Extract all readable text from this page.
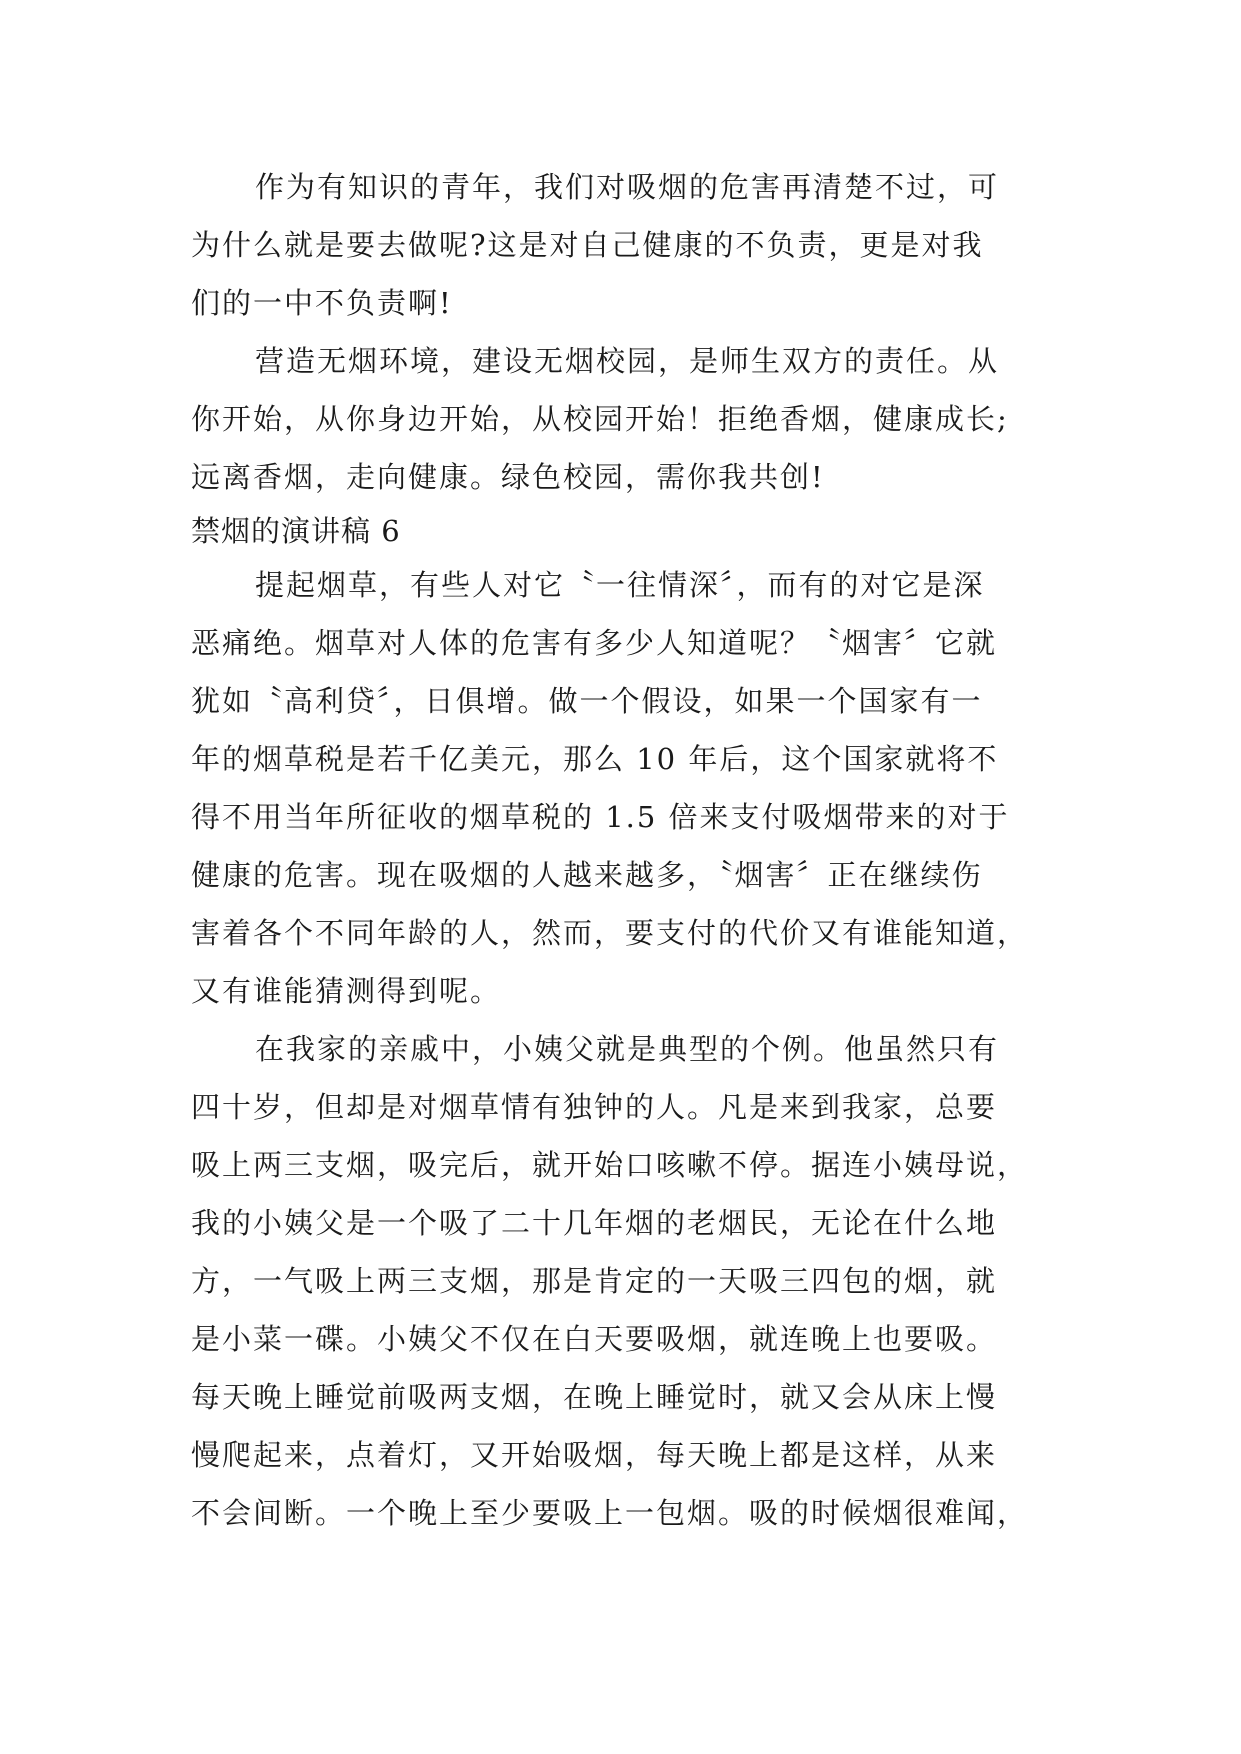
作为有知识的青年，我们对吸烟的危害再清楚不过，可
为什么就是要去做呢?这是对自己健康的不负责，更是对我
们的一中不负责啊!
营造无烟环境，建设无烟校园，是师生双方的责任。从
你开始，从你身边开始，从校园开始！拒绝香烟，健康成长;
远离香烟，走向健康。绿色校园，需你我共创!
禁烟的演讲稿 6
提起烟草，有些人对它〝一往情深〞，而有的对它是深
恶痛绝。烟草对人体的危害有多少人知道呢？〝烟害〞它就
犹如〝高利贷〞，日俱增。做一个假设，如果一个国家有一
年的烟草税是若千亿美元，那么 10 年后，这个国家就将不
得不用当年所征收的烟草税的 1.5 倍来支付吸烟带来的对于
健康的危害。现在吸烟的人越来越多，〝烟害〞正在继续伤
害着各个不同年龄的人，然而，要支付的代价又有谁能知道，
又有谁能猜测得到呢。
在我家的亲戚中，小姨父就是典型的个例。他虽然只有
四十岁，但却是对烟草情有独钟的人。凡是来到我家，总要
吸上两三支烟，吸完后，就开始口咳嗽不停。据连小姨母说，
我的小姨父是一个吸了二十几年烟的老烟民，无论在什么地
方，一气吸上两三支烟，那是肯定的一天吸三四包的烟，就
是小菜一碟。小姨父不仅在白天要吸烟，就连晚上也要吸。
每天晚上睡觉前吸两支烟，在晚上睡觉时，就又会从床上慢
慢爬起来，点着灯，又开始吸烟，每天晚上都是这样，从来
不会间断。一个晚上至少要吸上一包烟。吸的时候烟很难闻，
